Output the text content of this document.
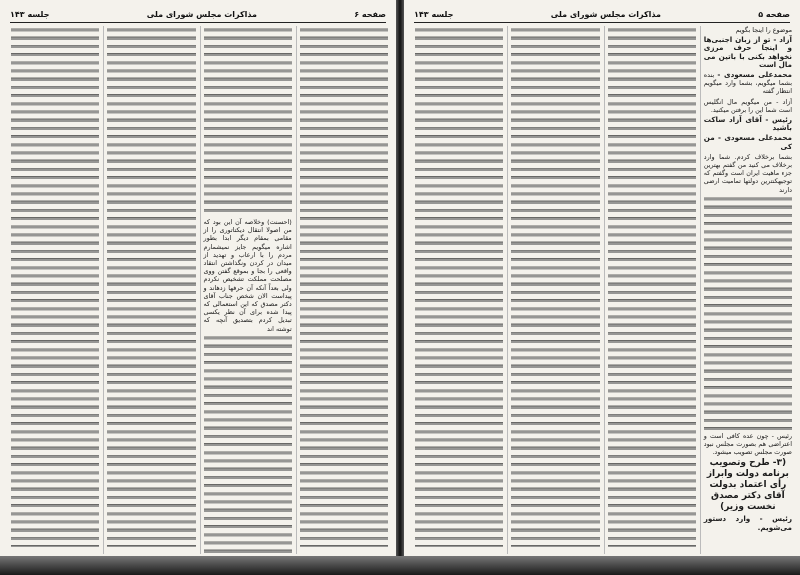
صفحه ۶
مذاکرات مجلس شورای ملی
جلسه ۱۴۳

(احسنت) وخلاصه آن این بود که من اصولا انتقال دیکتاتوری را از مقامی بمقام دیگر ابدا بطور اشاره میگویم جایز نمیشمارم مردم را با ارعاب و تهدید از میدان در کردن ونگذاشتن انتقاد واقعی را بجا و بموقع گفتن ووی مصلحت مملکت تشخیص نکردم ولی بعداً آنکه آن حرفها زدهاند و پیداست الان شخص جناب آقای دکتر مصدق که این استعمالی که پیدا شده برای آن نظر یکسی تبدیل کردم بتصدیق آنچه که توشته اند

صفحه ۵
مذاکرات مجلس شورای ملی
جلسه ۱۴۳

موضوع را اینجا بگویم

آزاد - تو از زبان اجنبی‌ها و اینجا حرف مرزی نخواهد بکنی با باتین می مال است

محمدعلی مسعودی - بنده بشما میگویم، بشما وارد میگویم انتظار گفته

آزاد - من میگویم مال انگلیس است شما این را برفتن میکنید.

رئیس - آقای آزاد ساکت باشید

محمدعلی مسعودی - من کی

بشما برخلاف کردم. شما وارد برخلاف می کنید من گفتم بهترین جزء ماهیت ایران است وگفتم که توجیهکنترین دولتها تمامیت ارضی دارند

رئیس - چون عده کافی است و اعتراضی هم بصورت مجلس نبود صورت مجلس تصویب میشود.

(۳- طرح وتصویب برنامه دولت وابراز رأی اعتماد بدولت آقای دکتر مصدق نخست وزیر)

رئیس - وارد دستور می‌شویم.
